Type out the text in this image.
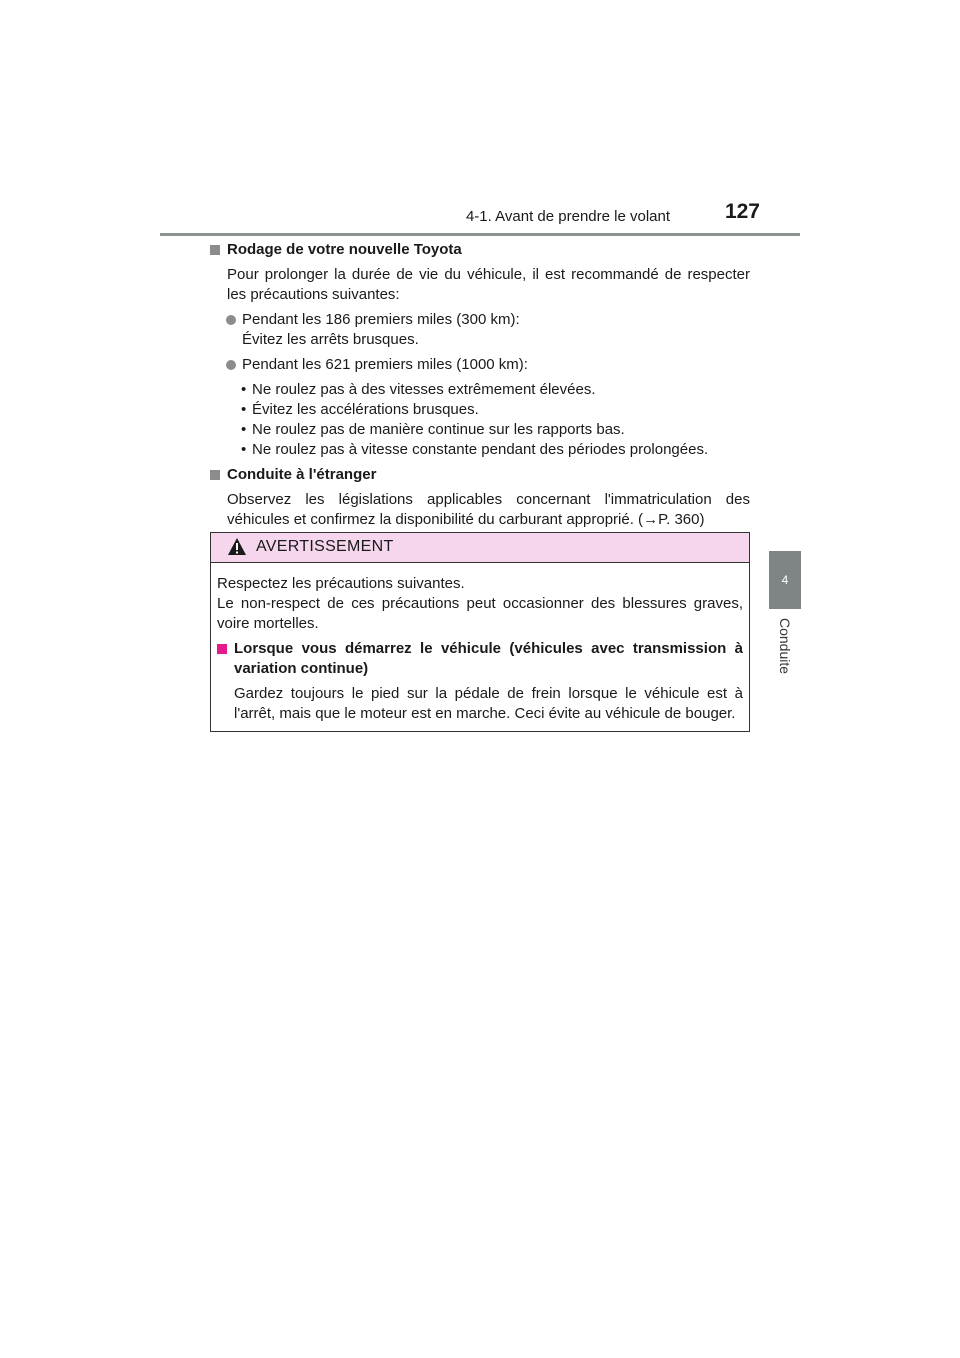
4-1. Avant de prendre le volant	127
4
Conduite
Rodage de votre nouvelle Toyota
Pour prolonger la durée de vie du véhicule, il est recommandé de respecter les précautions suivantes:
Pendant les 186 premiers miles (300 km):
Évitez les arrêts brusques.
Pendant les 621 premiers miles (1000 km):
• Ne roulez pas à des vitesses extrêmement élevées.
• Évitez les accélérations brusques.
• Ne roulez pas de manière continue sur les rapports bas.
• Ne roulez pas à vitesse constante pendant des périodes prolongées.
Conduite à l'étranger
Observez les législations applicables concernant l'immatriculation des véhicules et confirmez la disponibilité du carburant approprié. (→P. 360)
AVERTISSEMENT
Respectez les précautions suivantes.
Le non-respect de ces précautions peut occasionner des blessures graves, voire mortelles.
Lorsque vous démarrez le véhicule (véhicules avec transmission à variation continue)
Gardez toujours le pied sur la pédale de frein lorsque le véhicule est à l'arrêt, mais que le moteur est en marche. Ceci évite au véhicule de bouger.
